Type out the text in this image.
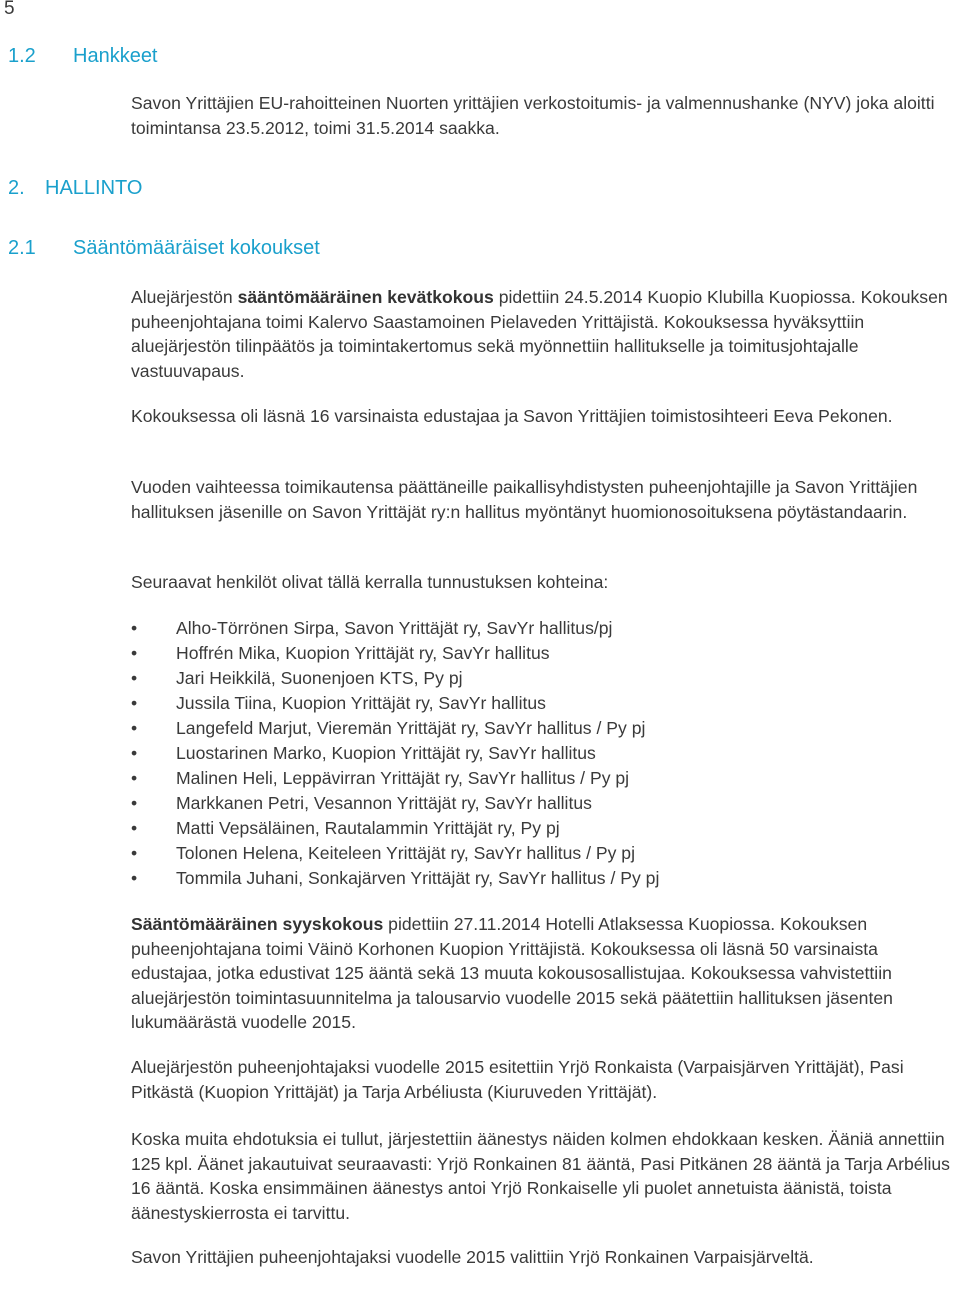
5
1.2 Hankkeet

Savon Yrittäjien EU-rahoitteinen Nuorten yrittäjien verkostoitumis- ja valmennushanke (NYV) joka aloitti toimintansa 23.5.2012, toimi 31.5.2014 saakka.

2. HALLINTO
2.1 Sääntömääräiset kokoukset

Aluejärjestön sääntömääräinen kevätkokous pidettiin 24.5.2014 Kuopio Klubilla Kuopiossa. Kokouksen puheenjohtajana toimi Kalervo Saastamoinen Pielaveden Yrittäjistä. Kokouksessa hyväksyttiin aluejärjestön tilinpäätös ja toimintakertomus sekä myönnettiin hallitukselle ja toimitusjohtajalle vastuuvapaus.

Kokouksessa oli läsnä 16 varsinaista edustajaa ja Savon Yrittäjien toimistosihteeri Eeva Pekonen.

Vuoden vaihteessa toimikautensa päättäneille paikallisyhdistysten puheenjohtajille ja Savon Yrittäjien hallituksen jäsenille on Savon Yrittäjät ry:n hallitus myöntänyt huomionosoituksena pöytästandaarin.

Seuraavat henkilöt olivat tällä kerralla tunnustuksen kohteina:

• Alho-Törrönen Sirpa, Savon Yrittäjät ry, SavYr hallitus/pj
• Hoffrén Mika, Kuopion Yrittäjät ry, SavYr hallitus
• Jari Heikkilä, Suonenjoen KTS, Py pj
• Jussila Tiina, Kuopion Yrittäjät ry, SavYr hallitus
• Langefeld Marjut, Vieremän Yrittäjät ry, SavYr hallitus / Py pj
• Luostarinen Marko, Kuopion Yrittäjät ry, SavYr hallitus
• Malinen Heli, Leppävirran Yrittäjät ry, SavYr hallitus / Py pj
• Markkanen Petri, Vesannon Yrittäjät ry, SavYr hallitus
• Matti Vepsäläinen, Rautalammin Yrittäjät ry, Py pj
• Tolonen Helena, Keiteleen Yrittäjät ry, SavYr hallitus / Py pj
• Tommila Juhani, Sonkajärven Yrittäjät ry, SavYr hallitus / Py pj

Sääntömääräinen syyskokous pidettiin 27.11.2014 Hotelli Atlaksessa Kuopiossa. Kokouksen puheenjohtajana toimi Väinö Korhonen Kuopion Yrittäjistä. Kokouksessa oli läsnä 50 varsinaista edustajaa, jotka edustivat 125 ääntä sekä 13 muuta kokousosallistujaa. Kokouksessa vahvistettiin aluejärjestön toimintasuunnitelma ja talousarvio vuodelle 2015 sekä päätettiin hallituksen jäsenten lukumäärästä vuodelle 2015.

Aluejärjestön puheenjohtajaksi vuodelle 2015 esitettiin Yrjö Ronkaista (Varpaisjärven Yrittäjät), Pasi Pitkästä (Kuopion Yrittäjät) ja Tarja Arbéliusta (Kiuruveden Yrittäjät).

Koska muita ehdotuksia ei tullut, järjestettiin äänestys näiden kolmen ehdokkaan kesken. Ääniä annettiin 125 kpl. Äänet jakautuivat seuraavasti: Yrjö Ronkainen 81 ääntä, Pasi Pitkänen 28 ääntä ja Tarja Arbélius 16 ääntä. Koska ensimmäinen äänestys antoi Yrjö Ronkaiselle yli puolet annetuista äänistä, toista äänestyskierrosta ei tarvittu.

Savon Yrittäjien puheenjohtajaksi vuodelle 2015 valittiin Yrjö Ronkainen Varpaisjärveltä.
